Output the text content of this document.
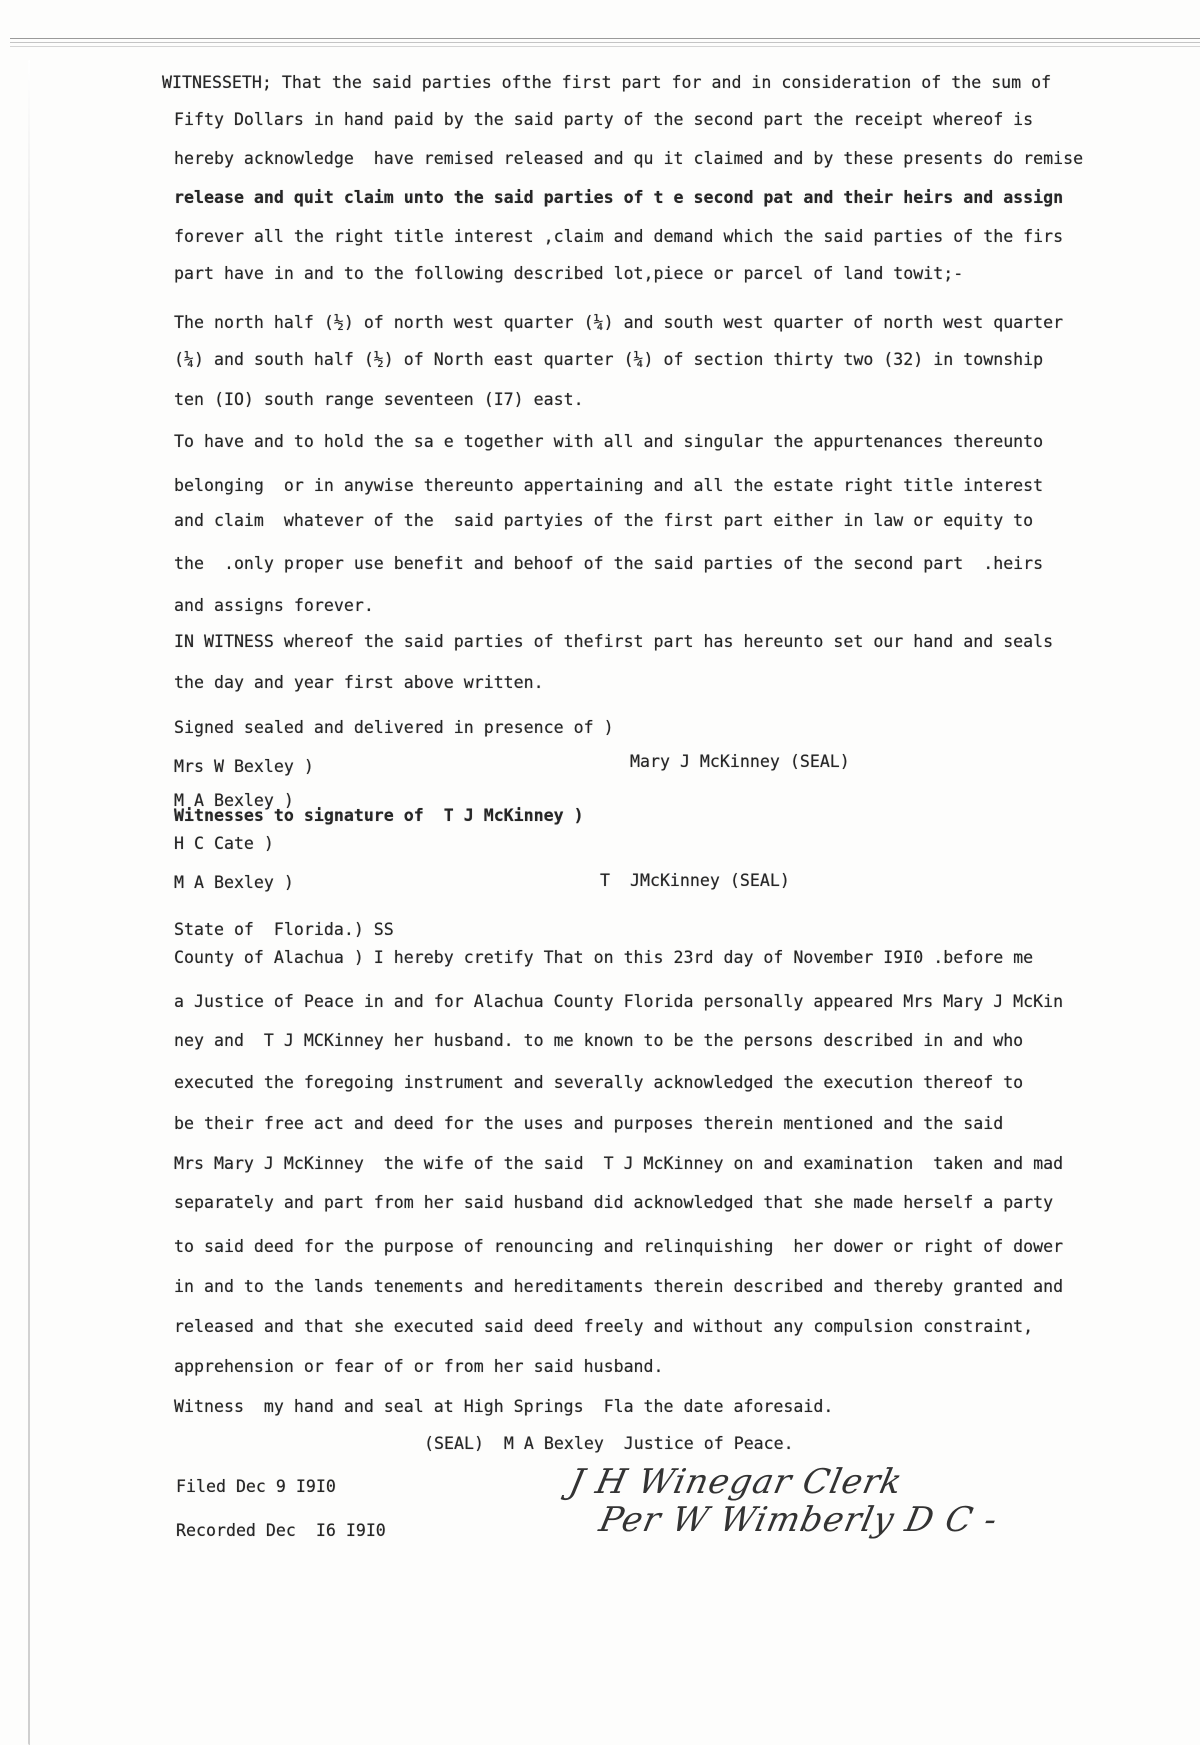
WITNESSETH; That the said parties ofthe first part for and in consideration of the sum of
Fifty Dollars in hand paid by the said party of the second part the receipt whereof is
hereby acknowledge  have remised released and qu it claimed and by these presents do remise
release and quit claim unto the said parties of t e second pat and their heirs and assign
forever all the right title interest ,claim and demand which the said parties of the firs
part have in and to the following described lot,piece or parcel of land towit;-
The north half (½) of north west quarter (¼) and south west quarter of north west quarter
(¼) and south half (½) of North east quarter (¼) of section thirty two (32) in township
ten (IO) south range seventeen (I7) east.
To have and to hold the sa e together with all and singular the appurtenances thereunto
belonging  or in anywise thereunto appertaining and all the estate right title interest
and claim  whatever of the  said partyies of the first part either in law or equity to
the  .only proper use benefit and behoof of the said parties of the second part  .heirs
and assigns forever.
IN WITNESS whereof the said parties of thefirst part has hereunto set our hand and seals
the day and year first above written.
Signed sealed and delivered in presence of )
Mrs W Bexley )	Mary J McKinney (SEAL)
M A Bexley )
Witnesses to signature of  T J McKinney )
H C Cate )
M A Bexley )	T  JMcKinney (SEAL)
State of  Florida.) SS
County of Alachua ) I hereby cretify That on this 23rd day of November I9I0 .before me
a Justice of Peace in and for Alachua County Florida personally appeared Mrs Mary J McKin
ney and  T J MCKinney her husband. to me known to be the persons described in and who
executed the foregoing instrument and severally acknowledged the execution thereof to
be their free act and deed for the uses and purposes therein mentioned and the said
Mrs Mary J McKinney  the wife of the said  T J McKinney on and examination  taken and mad
separately and part from her said husband did acknowledged that she made herself a party
to said deed for the purpose of renouncing and relinquishing  her dower or right of dower
in and to the lands tenements and hereditaments therein described and thereby granted and
released and that she executed said deed freely and without any compulsion constraint,
apprehension or fear of or from her said husband.
Witness  my hand and seal at High Springs  Fla the date aforesaid.
(SEAL)  M A Bexley  Justice of Peace.
Filed Dec 9 I9I0
Recorded Dec  I6 I9I0
J H Winegar Clerk
Per W Wimberly D C -
